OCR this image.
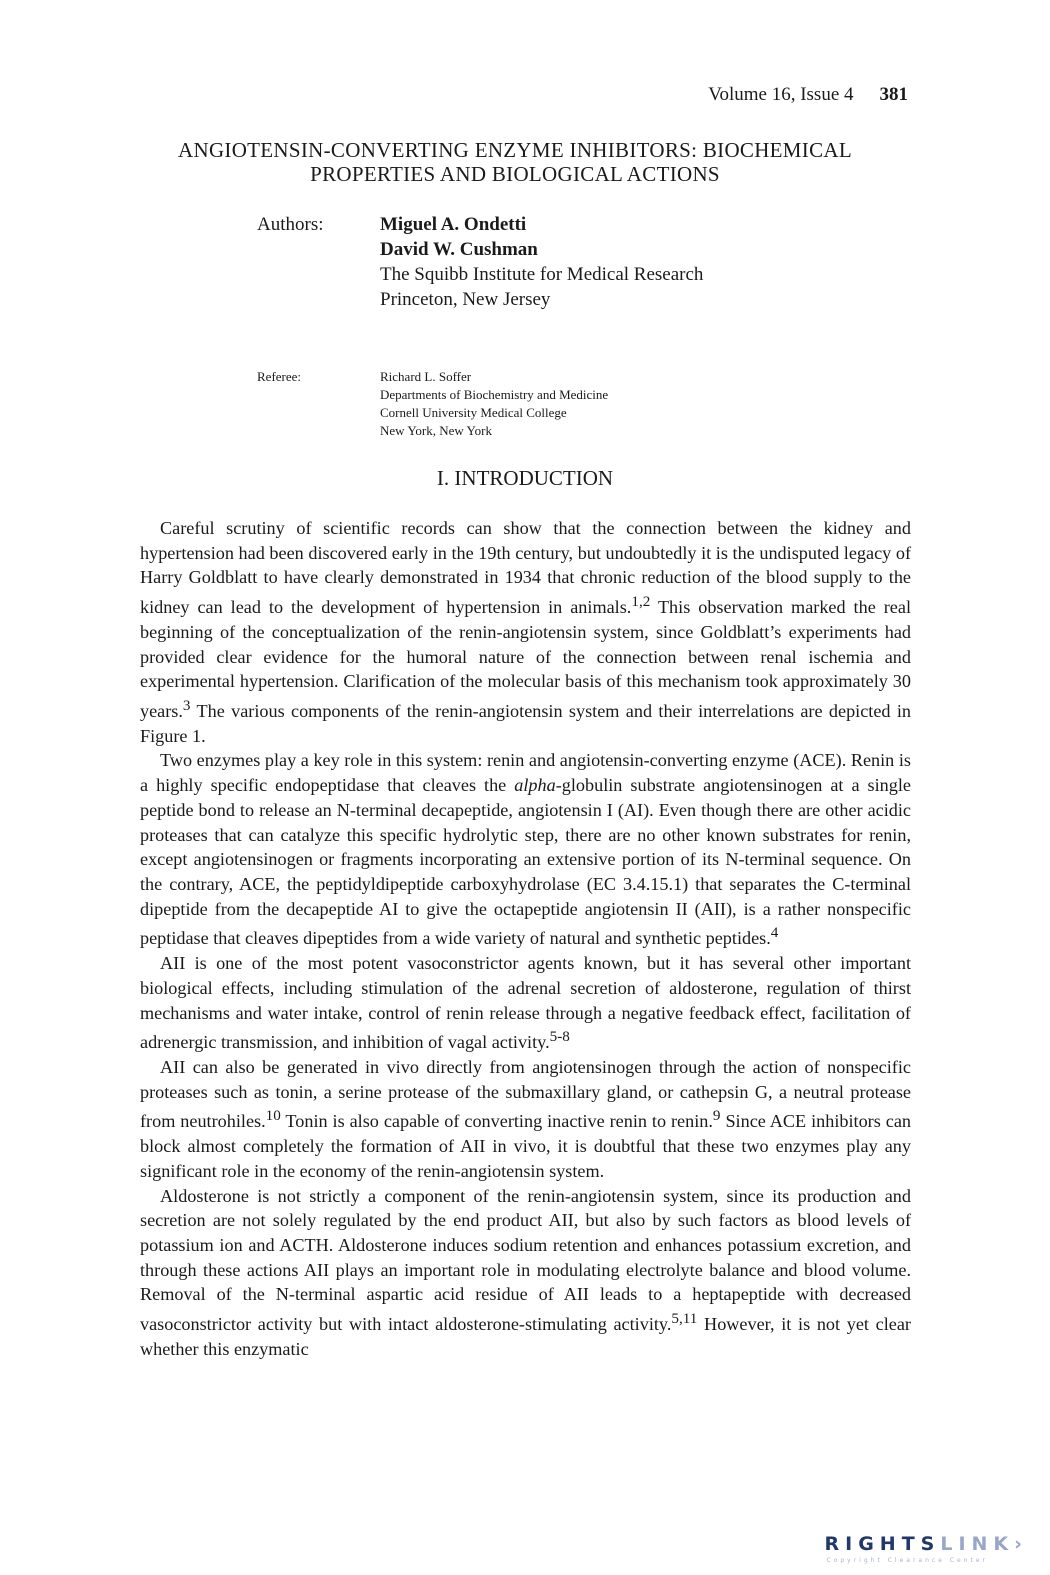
Volume 16, Issue 4 381
ANGIOTENSIN-CONVERTING ENZYME INHIBITORS: BIOCHEMICAL
PROPERTIES AND BIOLOGICAL ACTIONS
Authors:	Miguel A. Ondetti
David W. Cushman
The Squibb Institute for Medical Research
Princeton, New Jersey
Referee:	Richard L. Soffer
Departments of Biochemistry and Medicine
Cornell University Medical College
New York, New York
I. INTRODUCTION

Careful scrutiny of scientific records can show that the connection between the kidney and hypertension had been discovered early in the 19th century, but undoubtedly it is the undisputed legacy of Harry Goldblatt to have clearly demonstrated in 1934 that chronic reduction of the blood supply to the kidney can lead to the development of hypertension in animals.$^{1,2}$ This observation marked the real beginning of the conceptualization of the renin-angiotensin system, since Goldblatt’s experiments had provided clear evidence for the humoral nature of the connection between renal ischemia and experimental hypertension. Clarification of the molecular basis of this mechanism took approximately 30 years.$^3$ The various components of the renin-angiotensin system and their interrelations are depicted in Figure 1.

Two enzymes play a key role in this system: renin and angiotensin-converting enzyme (ACE). Renin is a highly specific endopeptidase that cleaves the alpha-globulin substrate angiotensinogen at a single peptide bond to release an N-terminal decapeptide, angiotensin I (AI). Even though there are other acidic proteases that can catalyze this specific hydrolytic step, there are no other known substrates for renin, except angiotensinogen or fragments incorporating an extensive portion of its N-terminal sequence. On the contrary, ACE, the peptidyldipeptide carboxyhydrolase (EC 3.4.15.1) that separates the C-terminal dipeptide from the decapeptide AI to give the octapeptide angiotensin II (AII), is a rather nonspecific peptidase that cleaves dipeptides from a wide variety of natural and synthetic peptides.$^4$

AII is one of the most potent vasoconstrictor agents known, but it has several other important biological effects, including stimulation of the adrenal secretion of aldosterone, regulation of thirst mechanisms and water intake, control of renin release through a negative feedback effect, facilitation of adrenergic transmission, and inhibition of vagal activity.$^{5-8}$

AII can also be generated in vivo directly from angiotensinogen through the action of nonspecific proteases such as tonin, a serine protease of the submaxillary gland, or cathepsin G, a neutral protease from neutrohiles.$^{10}$ Tonin is also capable of converting inactive renin to renin.$^9$ Since ACE inhibitors can block almost completely the formation of AII in vivo, it is doubtful that these two enzymes play any significant role in the economy of the renin-angiotensin system.

Aldosterone is not strictly a component of the renin-angiotensin system, since its production and secretion are not solely regulated by the end product AII, but also by such factors as blood levels of potassium ion and ACTH. Aldosterone induces sodium retention and enhances potassium excretion, and through these actions AII plays an important role in modulating electrolyte balance and blood volume. Removal of the N-terminal aspartic acid residue of AII leads to a heptapeptide with decreased vasoconstrictor activity but with intact aldosterone-stimulating activity.$^{5,11}$ However, it is not yet clear whether this enzymatic

RIGHTSLINK›
Copyright Clearance Center
